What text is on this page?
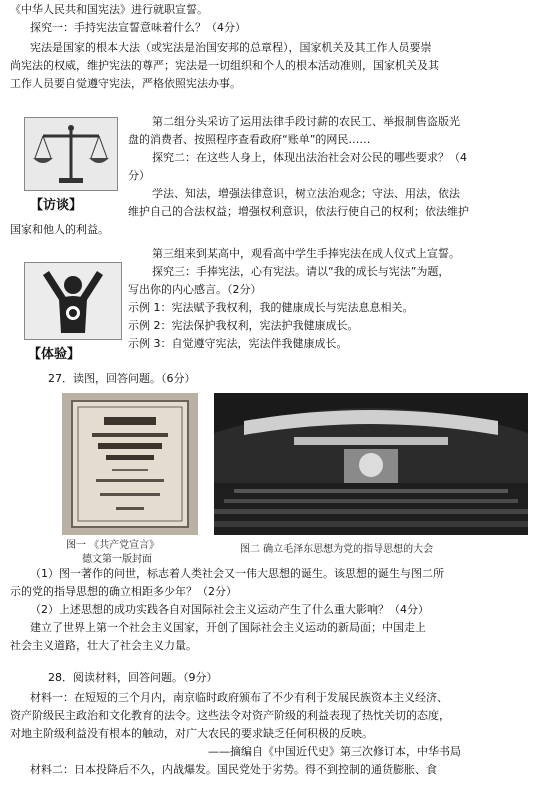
《中华人民共和国宪法》进行就职宣誓。
探究一：手持宪法宣誓意味着什么？（4分）
宪法是国家的根本大法（或宪法是治国安邦的总章程），国家机关及其工作人员要崇
尚宪法的权威，维护宪法的尊严；宪法是一切组织和个人的根本活动准则，国家机关及其
工作人员要自觉遵守宪法，严格依照宪法办事。
【访谈】
第二组分头采访了运用法律手段讨薪的农民工、举报制售盗版光
盘的消费者、按照程序查看政府“账单”的网民……
探究二：在这些人身上，体现出法治社会对公民的哪些要求？（4
分）
学法、知法，增强法律意识，树立法治观念；守法、用法，依法
维护自己的合法权益；增强权利意识，依法行使自己的权利；依法维护
国家和他人的利益。
【体验】
第三组来到某高中，观看高中学生手捧宪法在成人仪式上宣誓。
探究三：手捧宪法，心有宪法。请以“我的成长与宪法”为题，
写出你的内心感言。（2分）
示例 1：宪法赋予我权利，我的健康成长与宪法息息相关。
示例 2：宪法保护我权利，宪法护我健康成长。
示例 3：自觉遵守宪法，宪法伴我健康成长。
27．读图，回答问题。（6分）
图一 《共产党宣言》
德文第一版封面
图二 确立毛泽东思想为党的指导思想的大会
（1）图一著作的问世，标志着人类社会又一伟大思想的诞生。该思想的诞生与图二所
示的党的指导思想的确立相距多少年？（2分）
（2）上述思想的成功实践各自对国际社会主义运动产生了什么重大影响？（4分）
建立了世界上第一个社会主义国家，开创了国际社会主义运动的新局面；中国走上
社会主义道路，壮大了社会主义力量。
28．阅读材料，回答问题。（9分）
材料一：在短短的三个月内，南京临时政府颁布了不少有利于发展民族资本主义经济、
资产阶级民主政治和文化教育的法令。这些法令对资产阶级的利益表现了热忱关切的态度，
对地主阶级利益没有根本的触动，对广大农民的要求缺乏任何积极的反映。
——摘编自《中国近代史》第三次修订本，中华书局
材料二：日本投降后不久，内战爆发。国民党处于劣势。得不到控制的通货膨胀、食
